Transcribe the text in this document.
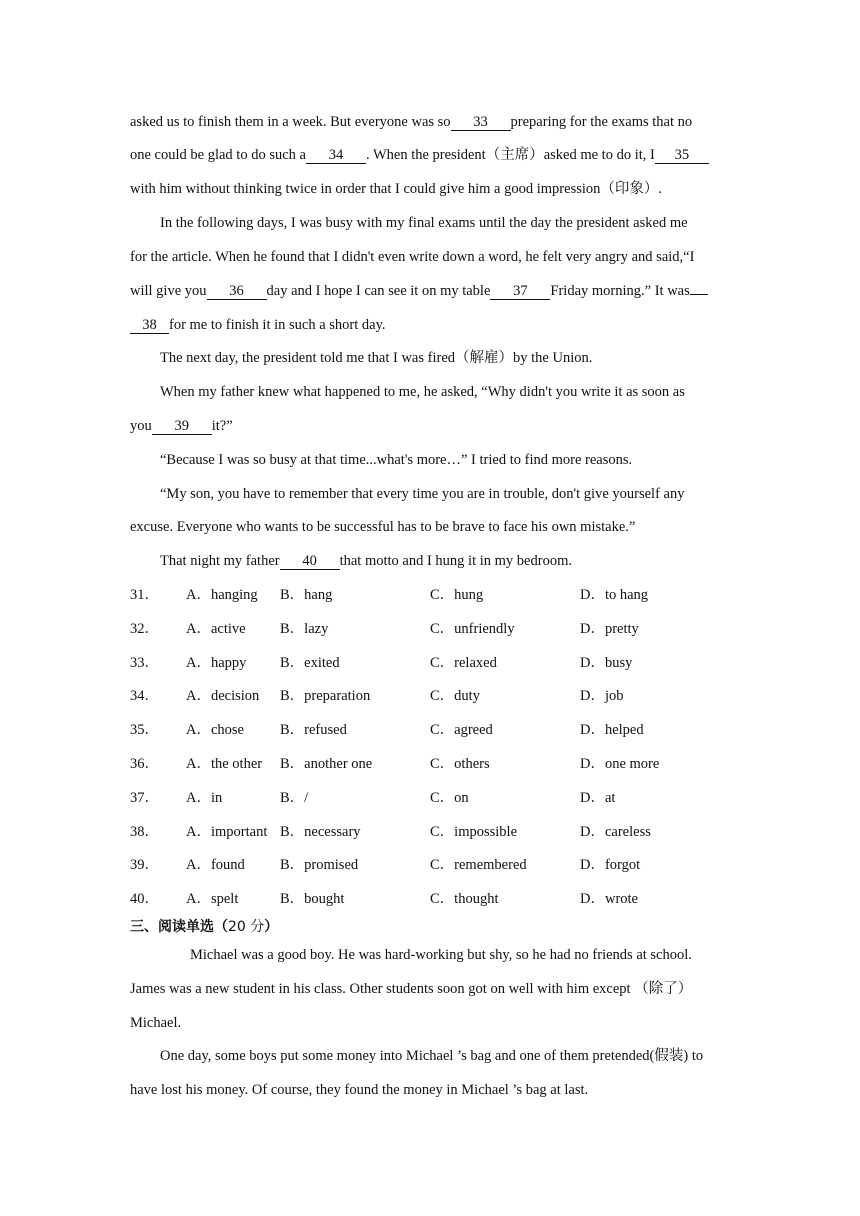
asked us to finish them in a week. But everyone was so 33 preparing for the exams that no
one could be glad to do such a 34 . When the president（主席）asked me to do it, I 35
with him without thinking twice in order that I could give him a good impression（印象）.
In the following days, I was busy with my final exams until the day the president asked me
for the article. When he found that I didn't even write down a word, he felt very angry and said,“I
will give you 36 day and I hope I can see it on my table 37 Friday morning.” It was
38 for me to finish it in such a short day.
The next day, the president told me that I was fired（解雇）by the Union.
When my father knew what happened to me, he asked, “Why didn't you write it as soon as
you 39 it?”
“Because I was so busy at that time...what's more…” I tried to find more reasons.
“My son, you have to remember that every time you are in trouble, don't give yourself any
excuse. Everyone who wants to be successful has to be brave to face his own mistake.”
That night my father 40 that motto and I hung it in my bedroom.
31． A．hanging B．hang	C．hung	D．to hang
32． A．active B．lazy	C．unfriendly	D．pretty
33． A．happy B．exited	C．relaxed	D．busy
34． A．decision B．preparation	C．duty	D．job
35． A．chose B．refused	C．agreed	D．helped
36． A．the other B．another one	C．others	D．one more
37． A．in	B．/	C．on	D．at
38． A．important B．necessary	C．impossible	D．careless
39． A．found B．promised	C．remembered	D．forgot
40． A．spelt	B．bought	C．thought	D．wrote
三、阅读单选（20 分）
Michael was a good boy. He was hard-working but shy, so he had no friends at school.
James was a new student in his class. Other students soon got on well with him except （除了）
Michael.
One day, some boys put some money into Michael ’s bag and one of them pretended(假装) to
have lost his money. Of course, they found the money in Michael ’s bag at last.
